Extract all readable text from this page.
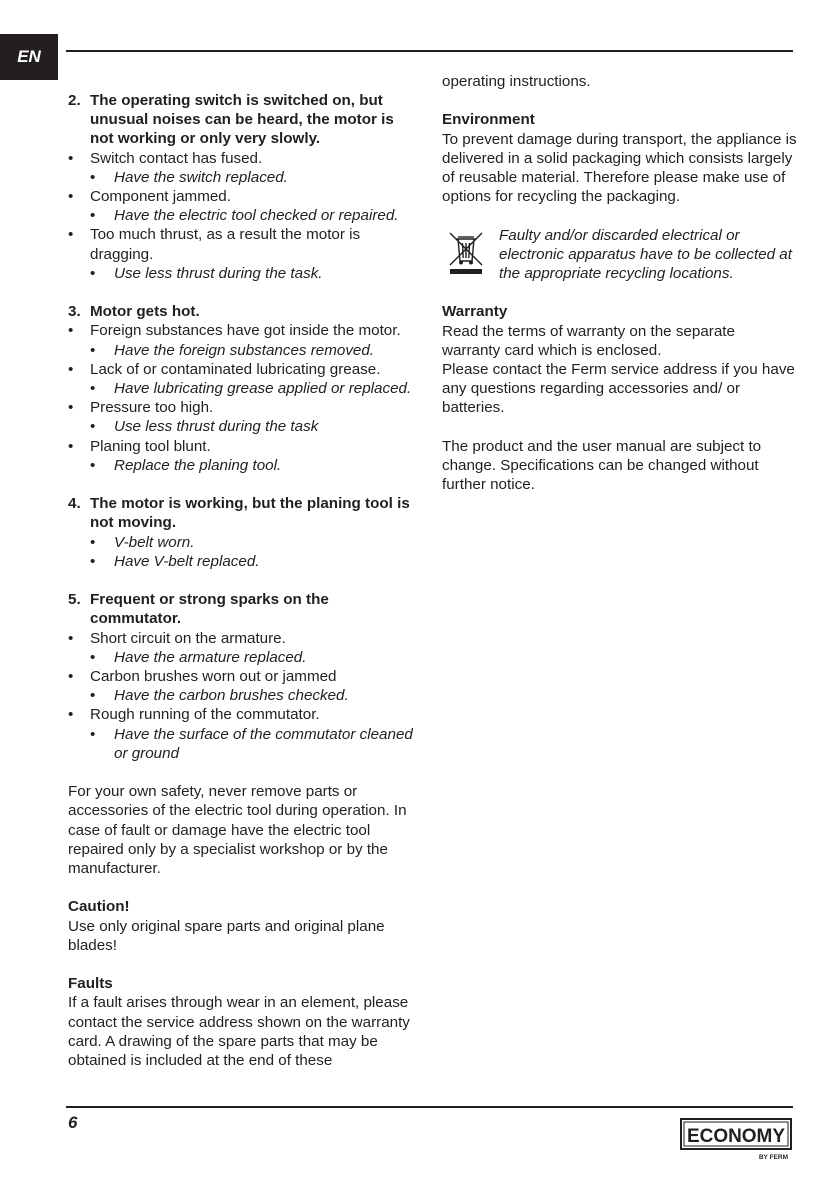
EN
2. The operating switch is switched on, but unusual noises can be heard, the motor is not working or only very slowly.
• Switch contact has fused.
• Have the switch replaced.
• Component jammed.
• Have the electric tool checked or repaired.
• Too much thrust, as a result the motor is dragging.
• Use less thrust during the task.
3. Motor gets hot.
• Foreign substances have got inside the motor.
• Have the foreign substances removed.
• Lack of or contaminated lubricating grease.
• Have lubricating grease applied or replaced.
• Pressure too high.
• Use less thrust during the task
• Planing tool blunt.
• Replace the planing tool.
4. The motor is working, but the planing tool is not moving.
• V-belt worn.
• Have V-belt replaced.
5. Frequent or strong sparks on the commutator.
• Short circuit on the armature.
• Have the armature replaced.
• Carbon brushes worn out or jammed
• Have the carbon brushes checked.
• Rough running of the commutator.
• Have the surface of the commutator cleaned or ground

For your own safety, never remove parts or accessories of the electric tool during operation. In case of fault or damage have the electric tool repaired only by a specialist workshop or by the manufacturer.

Caution!

Use only original spare parts and original plane blades!

Faults

If a fault arises through wear in an element, please contact the service address shown on the warranty card. A drawing of the spare parts that may be obtained is included at the end of these

operating instructions.

Environment

To prevent damage during transport, the appliance is delivered in a solid packaging which consists largely of reusable material. Therefore please make use of options for recycling the packaging.

Faulty and/or discarded electrical or electronic apparatus have to be collected at the appropriate recycling locations.

Warranty

Read the terms of warranty on the separate warranty card which is enclosed.

Please contact the Ferm service address if you have any questions regarding accessories and/ or batteries.

The product and the user manual are subject to change. Specifications can be changed without further notice.

6
ECONOMY
BY FERM
